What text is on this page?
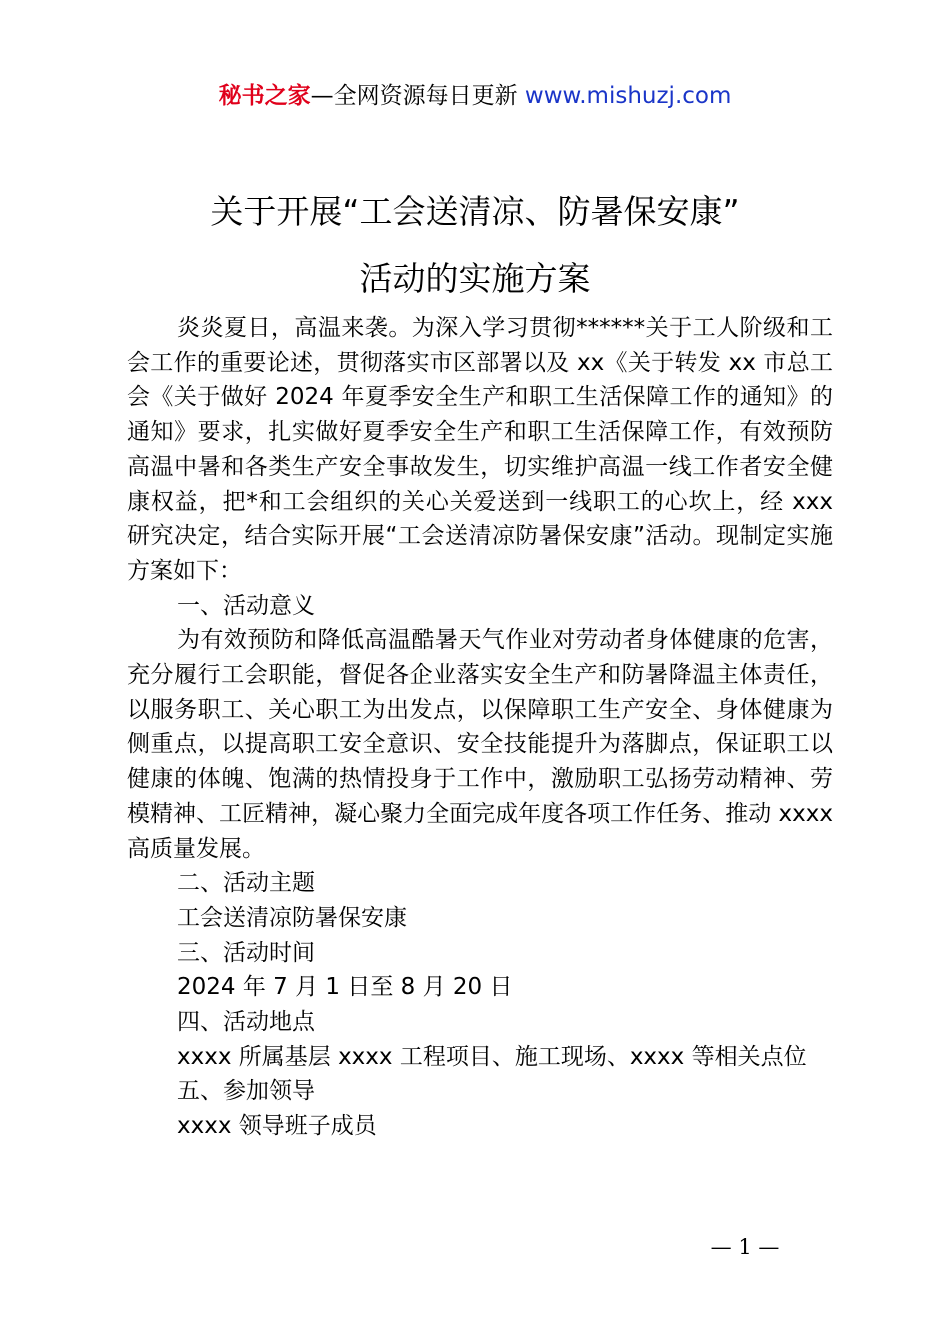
秘书之家—全网资源每日更新 www.mishuzj.com
关于开展“工会送清凉、防暑保安康”
活动的实施方案

炎炎夏日，高温来袭。为深入学习贯彻******关于工人阶级和工会工作的重要论述，贯彻落实市区部署以及 xx《关于转发 xx 市总工会《关于做好 2024 年夏季安全生产和职工生活保障工作的通知》的通知》要求，扎实做好夏季安全生产和职工生活保障工作，有效预防高温中暑和各类生产安全事故发生，切实维护高温一线工作者安全健康权益，把*和工会组织的关心关爱送到一线职工的心坎上，经 xxx 研究决定，结合实际开展“工会送清凉防暑保安康”活动。现制定实施方案如下：

一、活动意义

为有效预防和降低高温酷暑天气作业对劳动者身体健康的危害，充分履行工会职能，督促各企业落实安全生产和防暑降温主体责任，以服务职工、关心职工为出发点，以保障职工生产安全、身体健康为侧重点，以提高职工安全意识、安全技能提升为落脚点，保证职工以健康的体魄、饱满的热情投身于工作中，激励职工弘扬劳动精神、劳模精神、工匠精神，凝心聚力全面完成年度各项工作任务、推动 xxxx 高质量发展。

二、活动主题

工会送清凉防暑保安康

三、活动时间

2024 年 7 月 1 日至 8 月 20 日

四、活动地点

xxxx 所属基层 xxxx 工程项目、施工现场、xxxx 等相关点位

五、参加领导

xxxx 领导班子成员

— 1 —
